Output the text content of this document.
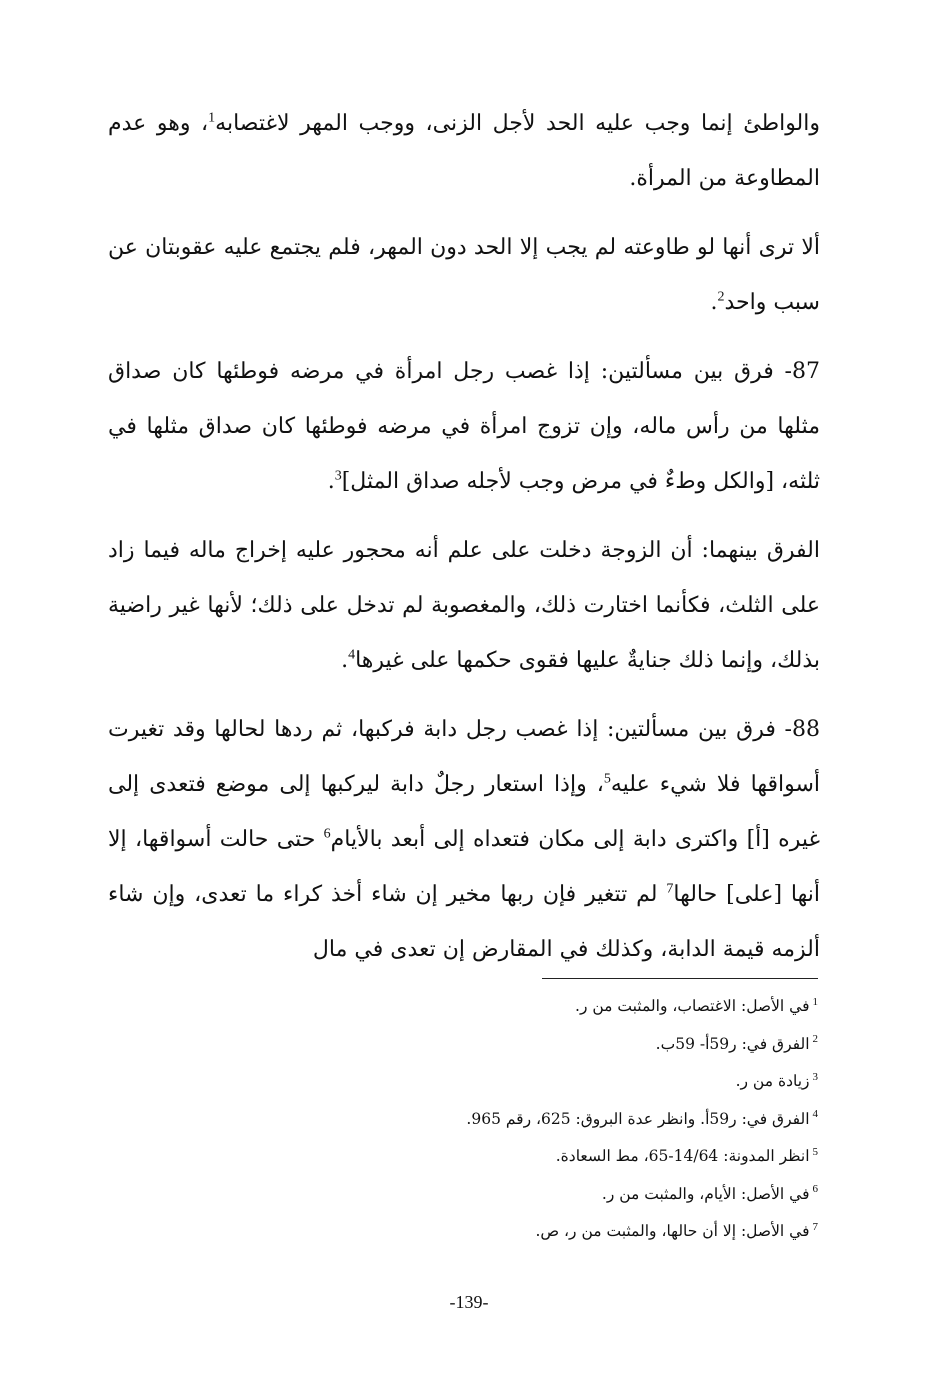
والواطئ إنما وجب عليه الحد لأجل الزنى، ووجب المهر لاغتصابه$^1$، وهو عدم المطاوعة من المرأة.

ألا ترى أنها لو طاوعته لم يجب إلا الحد دون المهر، فلم يجتمع عليه عقوبتان عن سبب واحد$^2$.

87- فرق بين مسألتين: إذا غصب رجل امرأة في مرضه فوطئها كان صداق مثلها من رأس ماله، وإن تزوج امرأة في مرضه فوطئها كان صداق مثلها في ثلثه، [والكل وطءٌ في مرض وجب لأجله صداق المثل]$^3$.

الفرق بينهما: أن الزوجة دخلت على علم أنه محجور عليه إخراج ماله فيما زاد على الثلث، فكأنما اختارت ذلك، والمغصوبة لم تدخل على ذلك؛ لأنها غير راضية بذلك، وإنما ذلك جنايةٌ عليها فقوى حكمها على غيرها$^4$.

88- فرق بين مسألتين: إذا غصب رجل دابة فركبها، ثم ردها لحالها وقد تغيرت أسواقها فلا شيء عليه$^5$، وإذا استعار رجلٌ دابة ليركبها إلى موضع فتعدى إلى غيره [أ] واكترى دابة إلى مكان فتعداه إلى أبعد بالأيام$^6$ حتى حالت أسواقها، إلا أنها [على] حالها$^7$ لم تتغير فإن ربها مخير إن شاء أخذ كراء ما تعدى، وإن شاء ألزمه قيمة الدابة، وكذلك في المقارض إن تعدى في مال

$^1$في الأصل: الاغتصاب، والمثبت من ر.
$^2$الفرق في: ر59أ- 59ب.
$^3$زيادة من ر.
$^4$الفرق في: ر59أ. وانظر عدة البروق: 625، رقم 965.
$^5$انظر المدونة: 14/64-65، مط السعادة.
$^6$في الأصل: الأيام، والمثبت من ر.
$^7$في الأصل: إلا أن حالها، والمثبت من ر، ص.
-139-
